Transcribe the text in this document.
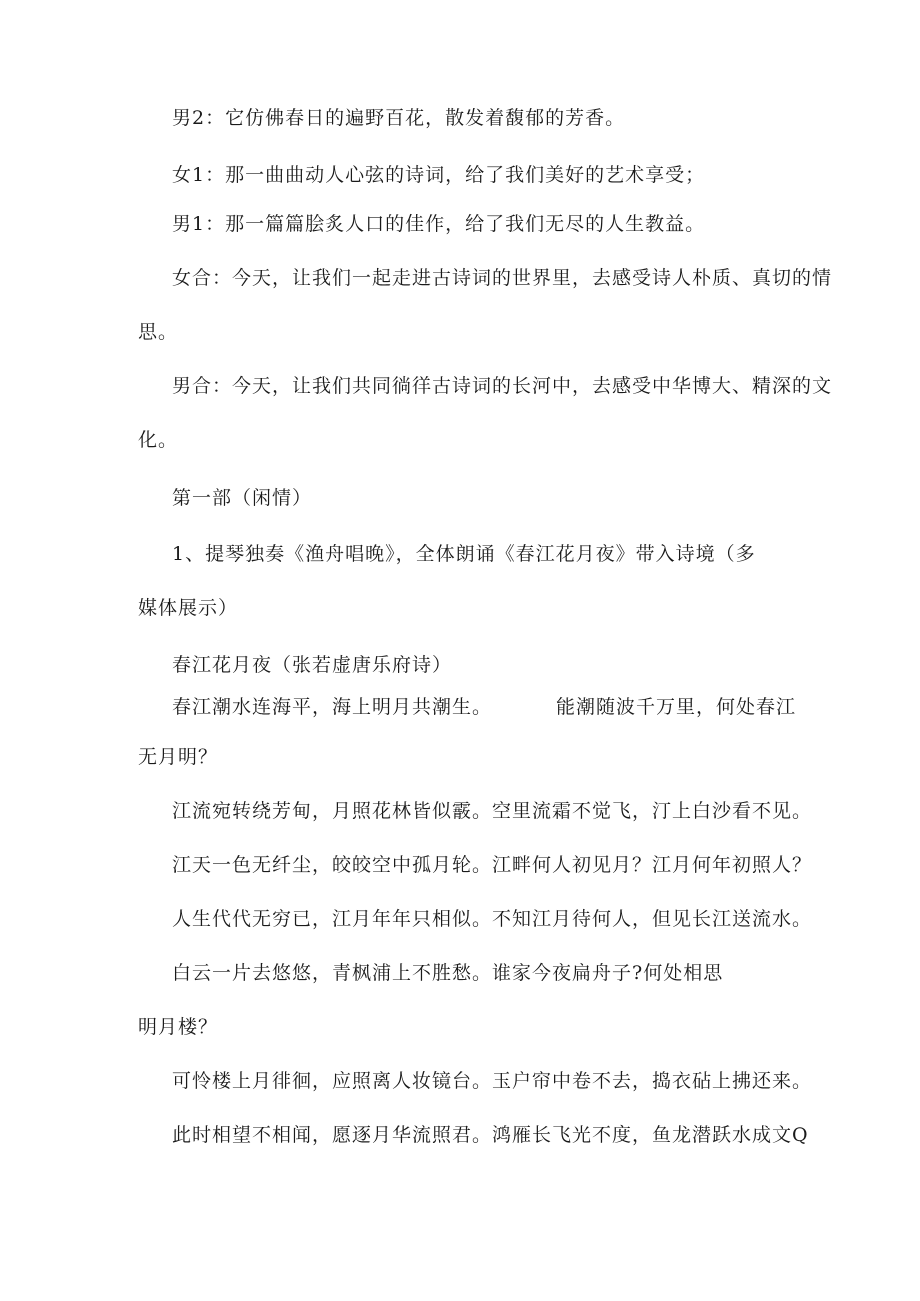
男2：它仿佛春日的遍野百花，散发着馥郁的芳香。
女1：那一曲曲动人心弦的诗词，给了我们美好的艺术享受；
男1：那一篇篇脍炙人口的佳作，给了我们无尽的人生教益。
女合：今天，让我们一起走进古诗词的世界里，去感受诗人朴质、真切的情
思。
男合：今天，让我们共同徜徉古诗词的长河中，去感受中华博大、精深的文
化。
第一部（闲情）
1、提琴独奏《渔舟唱晚》，全体朗诵《春江花月夜》带入诗境（多
媒体展示）
春江花月夜（张若虚唐乐府诗）
春江潮水连海平，海上明月共潮生。	能潮随波千万里，何处春江
无月明？
江流宛转绕芳甸，月照花林皆似霰。空里流霜不觉飞，汀上白沙看不见。
江天一色无纤尘，皎皎空中孤月轮。江畔何人初见月？江月何年初照人？
人生代代无穷已，江月年年只相似。不知江月待何人，但见长江送流水。
白云一片去悠悠，青枫浦上不胜愁。谁家今夜扁舟子?何处相思
明月楼？
可怜楼上月徘徊，应照离人妆镜台。玉户帘中卷不去，捣衣砧上拂还来。
此时相望不相闻，愿逐月华流照君。鸿雁长飞光不度，鱼龙潜跃水成文Q
